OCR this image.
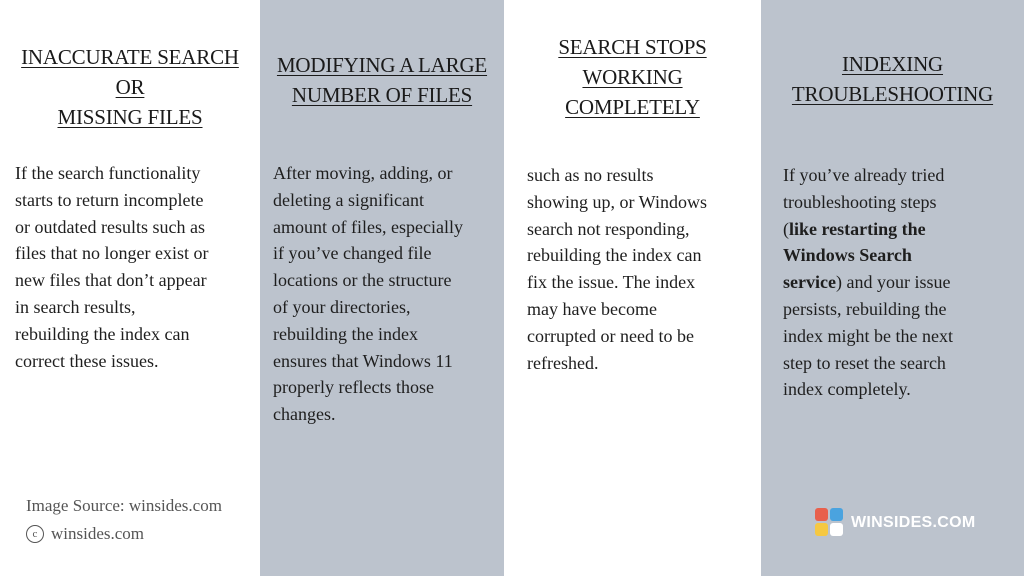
INACCURATE SEARCH
OR
MISSING FILES
If the search functionality
starts to return incomplete
or outdated results such as
files that no longer exist or
new files that don’t appear
in search results,
rebuilding the index can
correct these issues.
Image Source: winsides.com
c winsides.com
MODIFYING A LARGE
NUMBER OF FILES
After moving, adding, or
deleting a significant
amount of files, especially
if you’ve changed file
locations or the structure
of your directories,
rebuilding the index
ensures that Windows 11
properly reflects those
changes.
SEARCH STOPS
WORKING
COMPLETELY
such as no results
showing up, or Windows
search not responding,
rebuilding the index can
fix the issue. The index
may have become
corrupted or need to be
refreshed.
INDEXING
TROUBLESHOOTING
If you’ve already tried
troubleshooting steps
(like restarting the
Windows Search
service) and your issue
persists, rebuilding the
index might be the next
step to reset the search
index completely.
WINSIDES.COM
